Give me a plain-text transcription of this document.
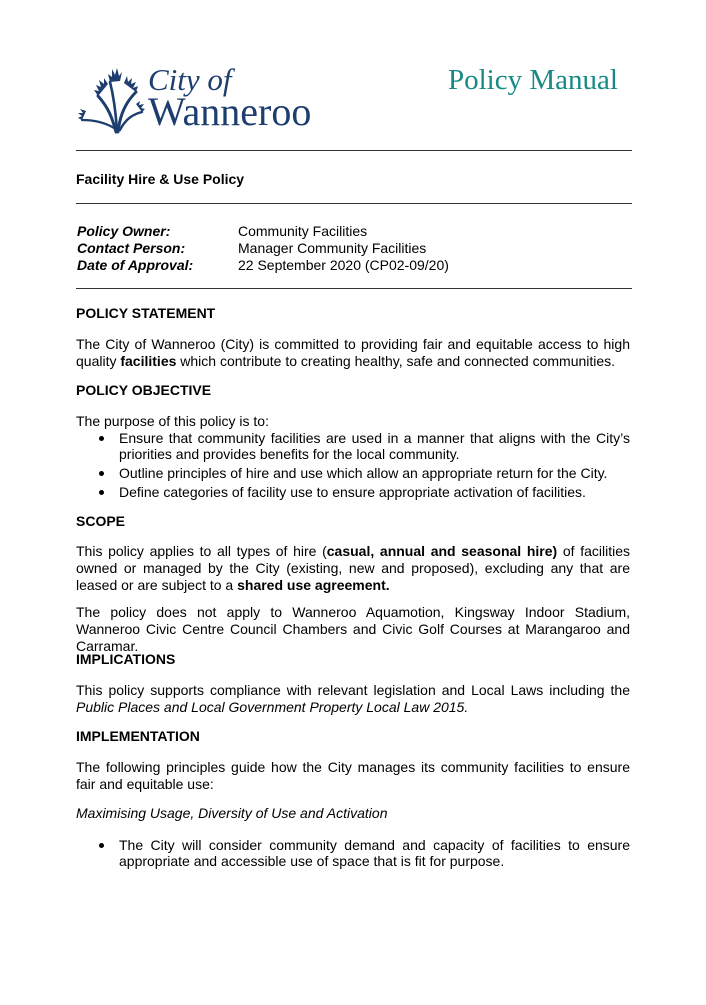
City of
Wanneroo
Policy Manual
Facility Hire & Use Policy
Policy Owner:	Community Facilities
Contact Person:	Manager Community Facilities
Date of Approval:	22 September 2020 (CP02-09/20)
POLICY STATEMENT
The City of Wanneroo (City) is committed to providing fair and equitable access to high quality facilities which contribute to creating healthy, safe and connected communities.
POLICY OBJECTIVE
The purpose of this policy is to:
Ensure that community facilities are used in a manner that aligns with the City’s priorities and provides benefits for the local community.
Outline principles of hire and use which allow an appropriate return for the City.
Define categories of facility use to ensure appropriate activation of facilities.
SCOPE
This policy applies to all types of hire (casual, annual and seasonal hire) of facilities owned or managed by the City (existing, new and proposed), excluding any that are leased or are subject to a shared use agreement.
The policy does not apply to Wanneroo Aquamotion, Kingsway Indoor Stadium, Wanneroo Civic Centre Council Chambers and Civic Golf Courses at Marangaroo and Carramar.
IMPLICATIONS
This policy supports compliance with relevant legislation and Local Laws including the Public Places and Local Government Property Local Law 2015.
IMPLEMENTATION
The following principles guide how the City manages its community facilities to ensure fair and equitable use:
Maximising Usage, Diversity of Use and Activation
The City will consider community demand and capacity of facilities to ensure appropriate and accessible use of space that is fit for purpose.
